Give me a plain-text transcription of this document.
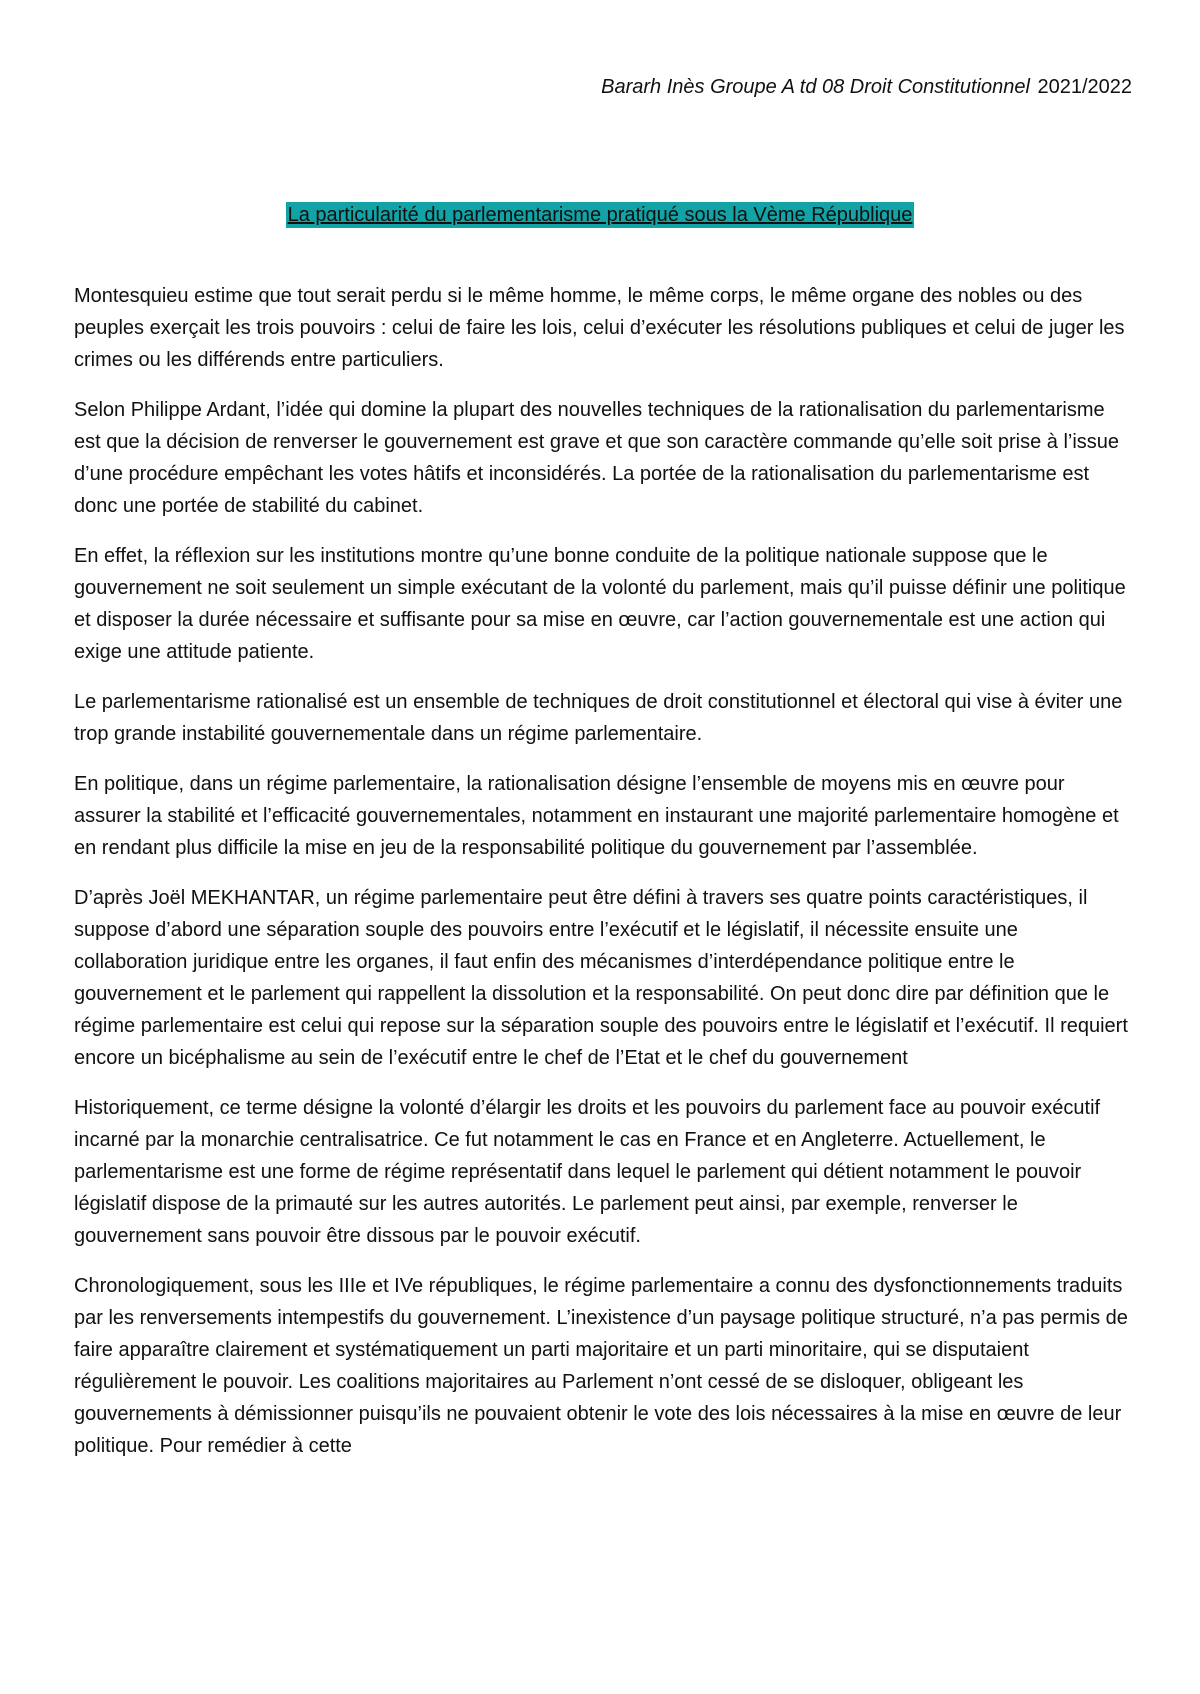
Bararh Inès Groupe A td 08 Droit Constitutionnel 2021/2022
La particularité du parlementarisme pratiqué sous la Vème République

Montesquieu estime que tout serait perdu si le même homme, le même corps, le même organe des nobles ou des peuples exerçait les trois pouvoirs : celui de faire les lois, celui d’exécuter les résolutions publiques et celui de juger les crimes ou les différends entre particuliers.

Selon Philippe Ardant, l’idée qui domine la plupart des nouvelles techniques de la rationalisation du parlementarisme est que la décision de renverser le gouvernement est grave et que son caractère commande qu’elle soit prise à l’issue d’une procédure empêchant les votes hâtifs et inconsidérés. La portée de la rationalisation du parlementarisme est donc une portée de stabilité du cabinet.

En effet, la réflexion sur les institutions montre qu’une bonne conduite de la politique nationale suppose que le gouvernement ne soit seulement un simple exécutant de la volonté du parlement, mais qu’il puisse définir une politique et disposer la durée nécessaire et suffisante pour sa mise en œuvre, car l’action gouvernementale est une action qui exige une attitude patiente.

Le parlementarisme rationalisé est un ensemble de techniques de droit constitutionnel et électoral qui vise à éviter une trop grande instabilité gouvernementale dans un régime parlementaire.

En politique, dans un régime parlementaire, la rationalisation désigne l’ensemble de moyens mis en œuvre pour assurer la stabilité et l’efficacité gouvernementales, notamment en instaurant une majorité parlementaire homogène et en rendant plus difficile la mise en jeu de la responsabilité politique du gouvernement par l’assemblée.

D’après Joël MEKHANTAR, un régime parlementaire peut être défini à travers ses quatre points caractéristiques, il suppose d’abord une séparation souple des pouvoirs entre l’exécutif et le législatif, il nécessite ensuite une collaboration juridique entre les organes, il faut enfin des mécanismes d’interdépendance politique entre le gouvernement et le parlement qui rappellent la dissolution et la responsabilité. On peut donc dire par définition que le régime parlementaire est celui qui repose sur la séparation souple des pouvoirs entre le législatif et l’exécutif. Il requiert encore un bicéphalisme au sein de l’exécutif entre le chef de l’Etat et le chef du gouvernement

Historiquement, ce terme désigne la volonté d’élargir les droits et les pouvoirs du parlement face au pouvoir exécutif incarné par la monarchie centralisatrice. Ce fut notamment le cas en France et en Angleterre. Actuellement, le parlementarisme est une forme de régime représentatif dans lequel le parlement qui détient notamment le pouvoir législatif dispose de la primauté sur les autres autorités. Le parlement peut ainsi, par exemple, renverser le gouvernement sans pouvoir être dissous par le pouvoir exécutif.

Chronologiquement, sous les IIIe et IVe républiques, le régime parlementaire a connu des dysfonctionnements traduits par les renversements intempestifs du gouvernement. L’inexistence d’un paysage politique structuré, n’a pas permis de faire apparaître clairement et systématiquement un parti majoritaire et un parti minoritaire, qui se disputaient régulièrement le pouvoir. Les coalitions majoritaires au Parlement n’ont cessé de se disloquer, obligeant les gouvernements à démissionner puisqu’ils ne pouvaient obtenir le vote des lois nécessaires à la mise en œuvre de leur politique. Pour remédier à cette
